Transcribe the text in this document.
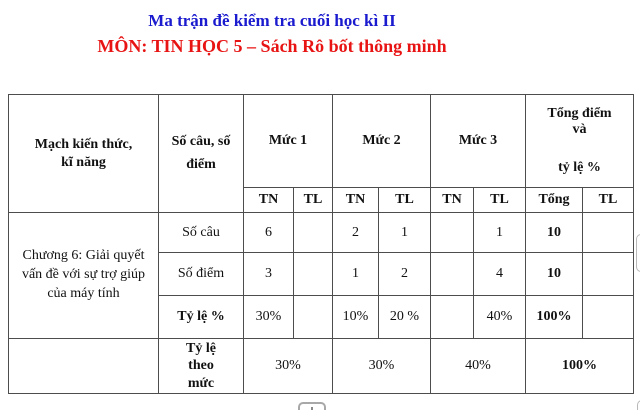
Ma trận đề kiểm tra cuối học kì II
MÔN: TIN HỌC 5 – Sách Rô bốt thông minh
Mạch kiến thức, kĩ năng	Số câu, số điểm	Mức 1		Mức 2		Mức 3		Tổng điểm
và
tỷ lệ %	

		TN	TL	TN	TL	TN	TL	Tổng	TL
Chương 6: Giải quyết vấn đề với sự trợ giúp của máy tính	Số câu	6		2	1		1	10	
	Số điểm	3		1	2		4	10	
	Tỷ lệ %	30%		10%	20 %		40%	100%	
	Tỷ lệ theo mức	30%		30%		40%		100%	
